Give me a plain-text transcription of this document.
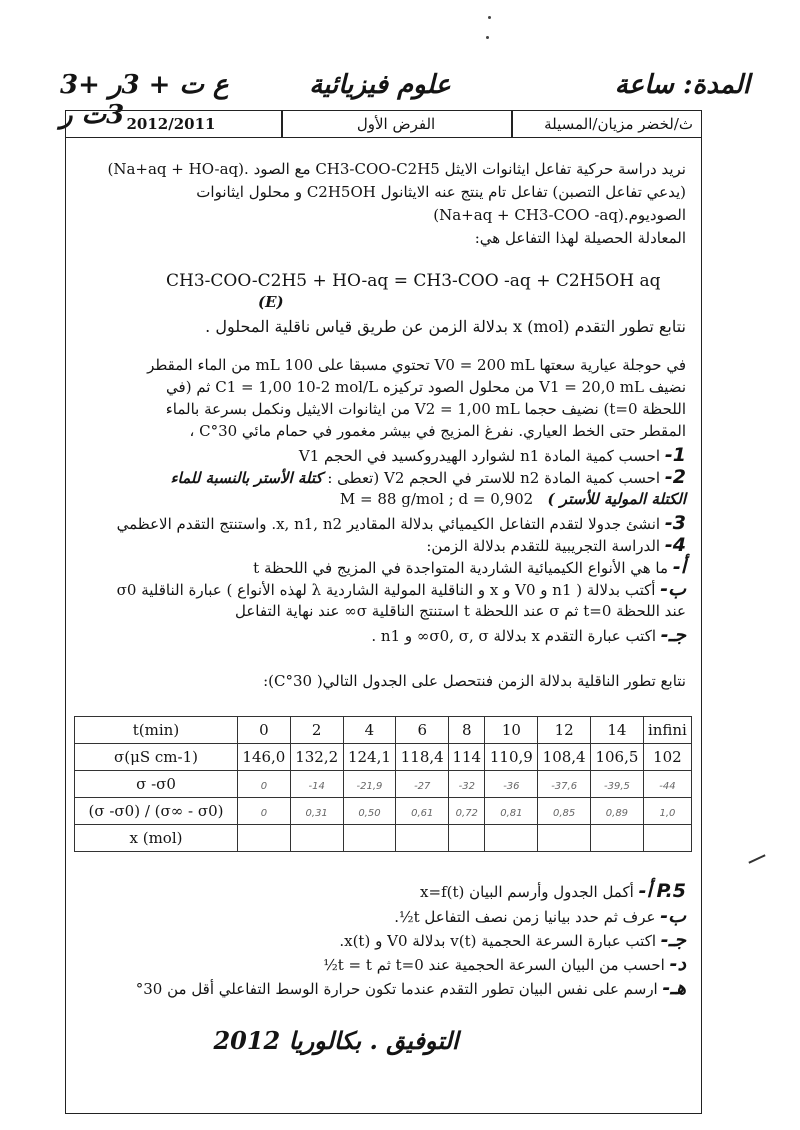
3ع ت + 3ر + 3ت ر
علوم فيزيائية	المدة: ساعة
2012/2011	الفرض الأول	ث/لخضر مزيان/المسيلة
نريد دراسة حركية تفاعل ايثانوات الايثل CH3-COO-C2H5 مع الصود (Na+aq + HO-aq).
(يدعي تفاعل التصبن) تفاعل تام ينتج عنه الايثانول C2H5OH و محلول ايثانوات
الصوديوم.(Na+aq + CH3-COO -aq)
المعادلة الحصيلة لهذا التفاعل هي:
CH3-COO-C2H5 + HO-aq = CH3-COO -aq + C2H5OH aq
(E)
نتابع تطور التقدم x (mol) بدلالة الزمن عن طريق قياس ناقلية المحلول .
في حوجلة عيارية سعتها V0 = 200 mL تحتوي مسبقا على 100 mL من الماء المقطر
نضيف V1 = 20,0 mL من محلول الصود تركيزه C1 = 1,00 10-2 mol/L ثم (في
اللحظة t=0) نضيف حجما V2 = 1,00 mL من ايثانوات الايثيل ونكمل بسرعة بالماء
المقطر حتى الخط العياري. نفرغ المزيج في بيشر مغمور في حمام مائي 30°C ،
1- احسب كمية المادة n1 لشوارد الهيدروكسيد في الحجم V1
2- احسب كمية المادة n2 للاستر في الحجم V2 (تعطى : كتلة الأستر بالنسبة للماء
الكتلة المولية للأستر )   M = 88 g/mol ; d = 0,902
3- انشئ جدولا لتقدم التفاعل الكيميائي بدلالة المقادير x, n1, n2. واستنتج التقدم الاعظمي
4- الدراسة التجريبية للتقدم بدلالة الزمن:
أ- ما هي الأنواع الكيميائية الشاردية المتواجدة في المزيج في اللحظة t
ب- أكتب بدلالة ( n1 و V0 و x و الناقلية المولية الشاردية λ لهذه الأنواع ) عبارة الناقلية σ0
عند اللحظة t=0 ثم σ عند اللحظة t استنتج الناقلية σ∞ عند نهاية التفاعل
جـ- اكتب عبارة التقدم x بدلالة σ0, σ, σ∞ و n1 .
نتابع تطور الناقلية بدلالة الزمن فنتحصل على الجدول التالي( 30°C):
t(min)	0	2	4	6	8	10	12	14	infini
σ(μS cm-1)	146,0	132,2	124,1	118,4	114	110,9	108,4	106,5	102
σ -σ0	0	-14	-21,9	-27	-32	-36	-37,6	-39,5	-44
(σ -σ0) / (σ∞ - σ0)	0	0,31	0,50	0,61	0,72	0,81	0,85	0,89	1,0
x (mol)									
P.5 أ- أكمل الجدول وأرسم البيان x=f(t)
ب- عرف ثم حدد بيانيا زمن نصف التفاعل t½.
جـ- اكتب عبارة السرعة الحجمية v(t) بدلالة V0 و x(t).
د- احسب من البيان السرعة الحجمية عند t=0 ثم t = t½
هـ- ارسم على نفس البيان تطور التقدم عندما تكون حرارة الوسط التفاعلي أقل من 30°
التوفيق . بكالوريا 2012
